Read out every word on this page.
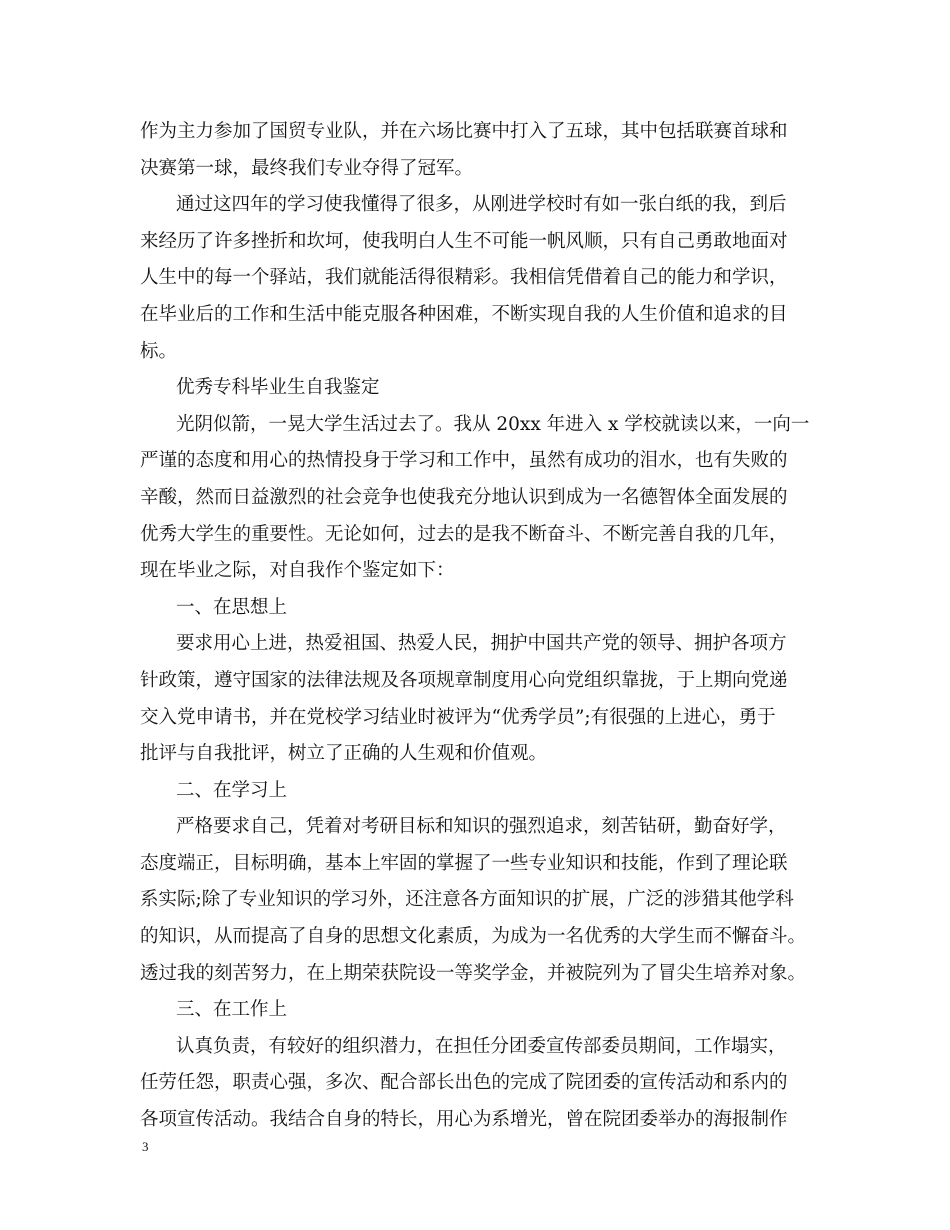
作为主力参加了国贸专业队，并在六场比赛中打入了五球，其中包括联赛首球和
决赛第一球，最终我们专业夺得了冠军。
通过这四年的学习使我懂得了很多，从刚进学校时有如一张白纸的我，到后
来经历了许多挫折和坎坷，使我明白人生不可能一帆风顺，只有自己勇敢地面对
人生中的每一个驿站，我们就能活得很精彩。我相信凭借着自己的能力和学识，
在毕业后的工作和生活中能克服各种困难，不断实现自我的人生价值和追求的目
标。
优秀专科毕业生自我鉴定
光阴似箭，一晃大学生活过去了。我从 20xx 年进入 x 学校就读以来，一向一
严谨的态度和用心的热情投身于学习和工作中，虽然有成功的泪水，也有失败的
辛酸，然而日益激烈的社会竞争也使我充分地认识到成为一名德智体全面发展的
优秀大学生的重要性。无论如何，过去的是我不断奋斗、不断完善自我的几年，
现在毕业之际，对自我作个鉴定如下：
一、在思想上
要求用心上进，热爱祖国、热爱人民，拥护中国共产党的领导、拥护各项方
针政策，遵守国家的法律法规及各项规章制度用心向党组织靠拢，于上期向党递
交入党申请书，并在党校学习结业时被评为“优秀学员”;有很强的上进心，勇于
批评与自我批评，树立了正确的人生观和价值观。
二、在学习上
严格要求自己，凭着对考研目标和知识的强烈追求，刻苦钻研，勤奋好学，
态度端正，目标明确，基本上牢固的掌握了一些专业知识和技能，作到了理论联
系实际;除了专业知识的学习外，还注意各方面知识的扩展，广泛的涉猎其他学科
的知识，从而提高了自身的思想文化素质，为成为一名优秀的大学生而不懈奋斗。
透过我的刻苦努力，在上期荣获院设一等奖学金，并被院列为了冒尖生培养对象。
三、在工作上
认真负责，有较好的组织潜力，在担任分团委宣传部委员期间，工作塌实，
任劳任怨，职责心强，多次、配合部长出色的完成了院团委的宣传活动和系内的
各项宣传活动。我结合自身的特长，用心为系增光，曾在院团委举办的海报制作
3
